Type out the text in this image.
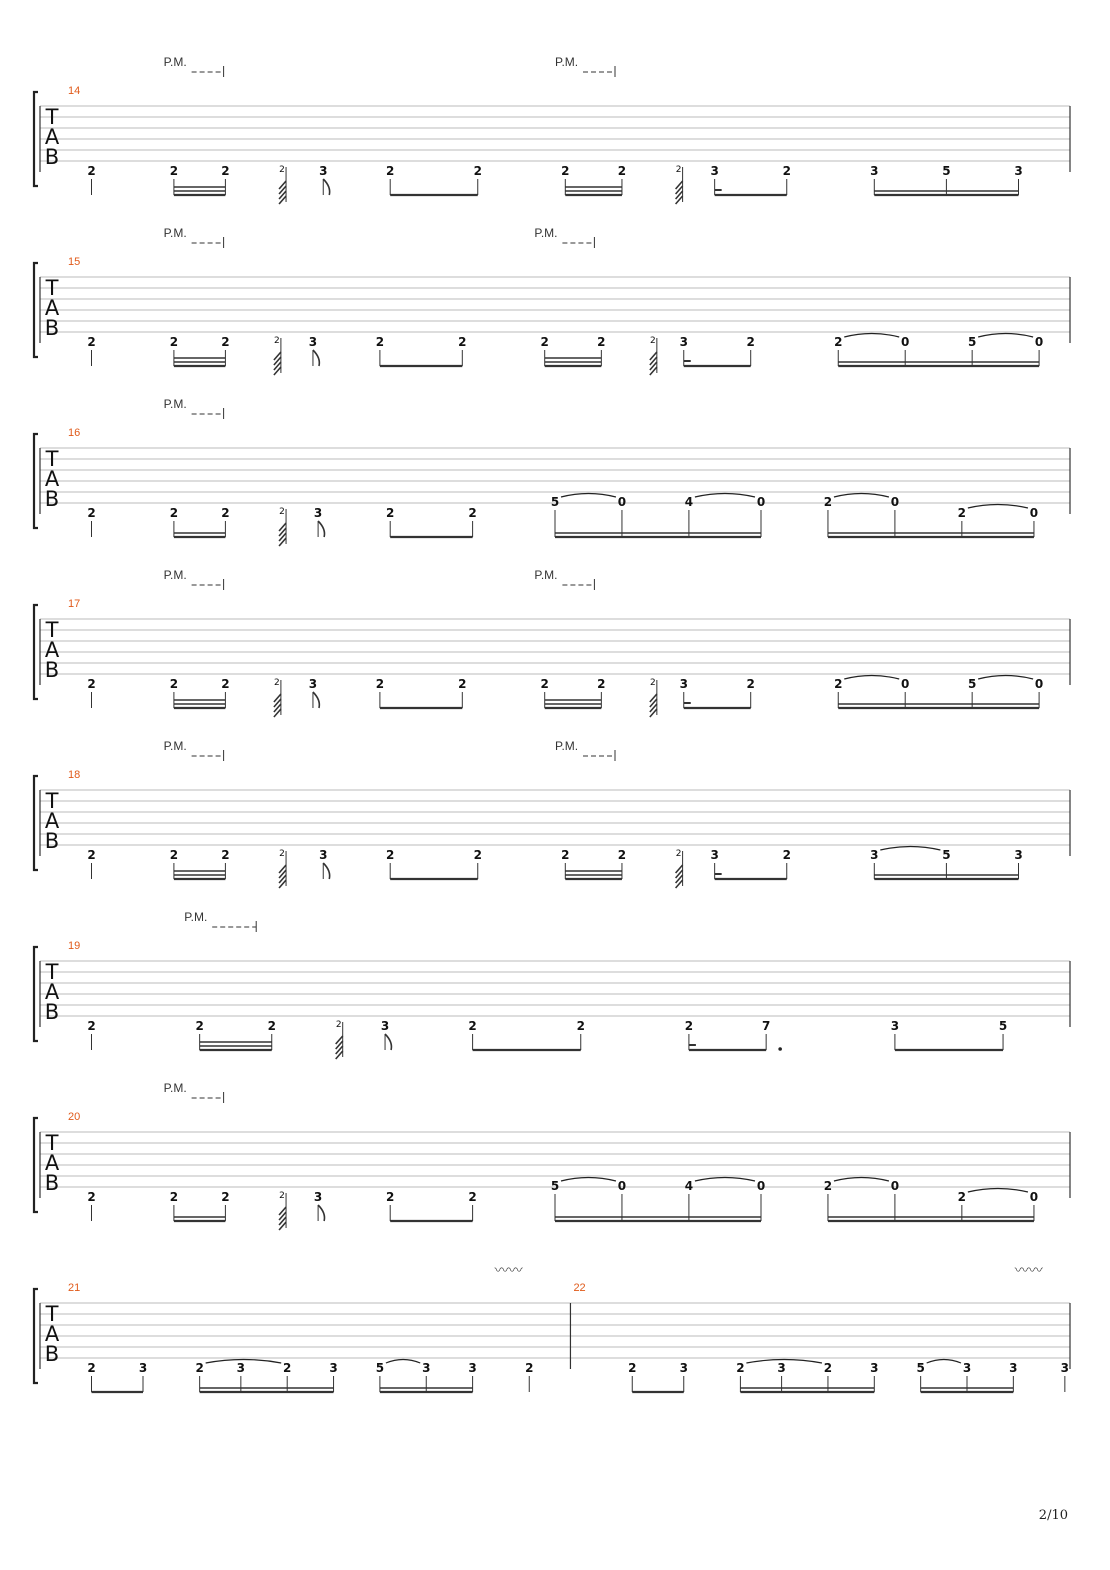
T
A
B
14
P.M.	P.M.
2	2	2	2	3	2	2	2	2	2 3	2	3	5	3
T
A
B
15
P.M.	P.M.
2	2	2	2 3	2	2	2	2	2 3	2	2	0	5	0
T
A
B
16
P.M.
2	2	2	2 3	2	2
5	0	4	0	2	0
2	0
T
A
B
17
P.M.	P.M.
2	2	2	2 3	2	2	2	2	2 3	2	2	0	5	0
T
A
B
18
P.M.	P.M.
2	2	2	2	3	2	2	2	2	2 3	2	3	5	3
T
A
B
19
P.M.
2	2	2	2	3	2	2	2	7	3	5
T
A
B
20
P.M.
2	2	2	2 3	2	2
5	0	4	0	2	0
2	0
T
A
B
21	22
〰〰	〰〰
2	3	2	3	2	3	5	3	3	2	2	3	2	3	2	3	5	3	3	3
2/10
